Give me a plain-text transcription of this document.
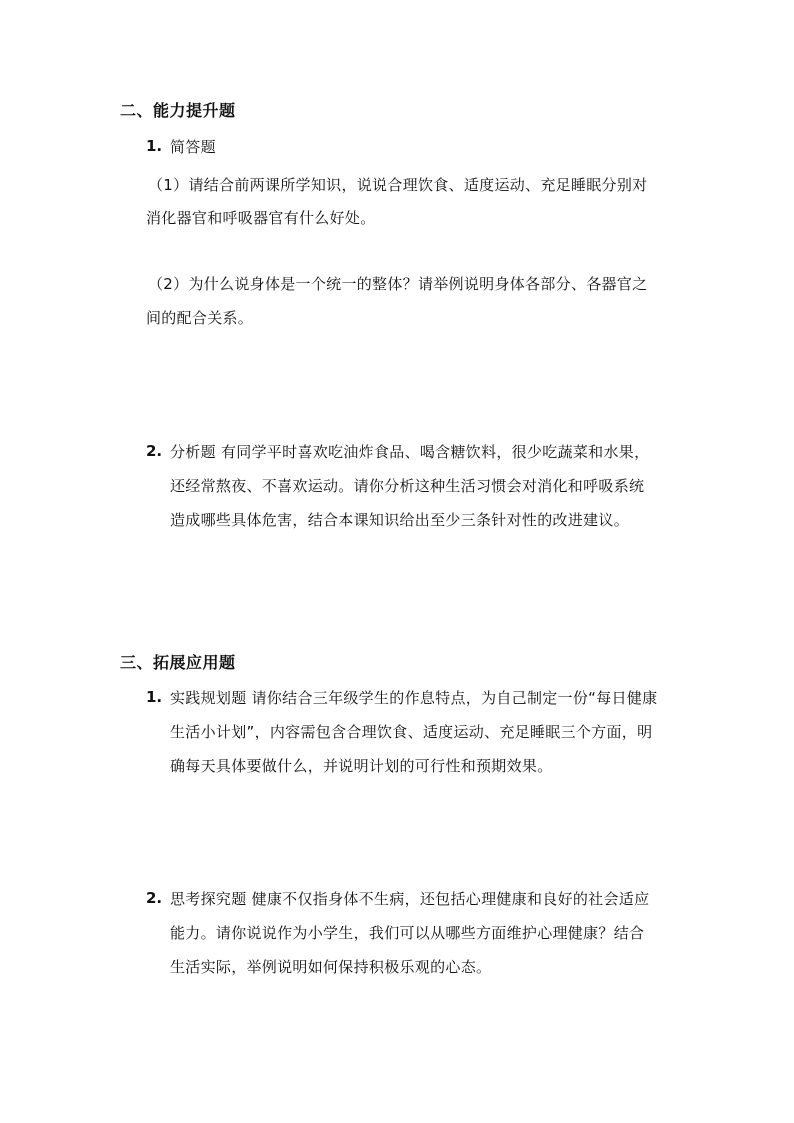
二、能力提升题
1. 简答题
（1）请结合前两课所学知识，说说合理饮食、适度运动、充足睡眠分别对
消化器官和呼吸器官有什么好处。
（2）为什么说身体是一个统一的整体？请举例说明身体各部分、各器官之
间的配合关系。
2. 分析题 有同学平时喜欢吃油炸食品、喝含糖饮料，很少吃蔬菜和水果，
还经常熬夜、不喜欢运动。请你分析这种生活习惯会对消化和呼吸系统
造成哪些具体危害，结合本课知识给出至少三条针对性的改进建议。
三、拓展应用题
1. 实践规划题 请你结合三年级学生的作息特点，为自己制定一份“每日健康
生活小计划”，内容需包含合理饮食、适度运动、充足睡眠三个方面，明
确每天具体要做什么，并说明计划的可行性和预期效果。
2. 思考探究题 健康不仅指身体不生病，还包括心理健康和良好的社会适应
能力。请你说说作为小学生，我们可以从哪些方面维护心理健康？结合
生活实际，举例说明如何保持积极乐观的心态。
